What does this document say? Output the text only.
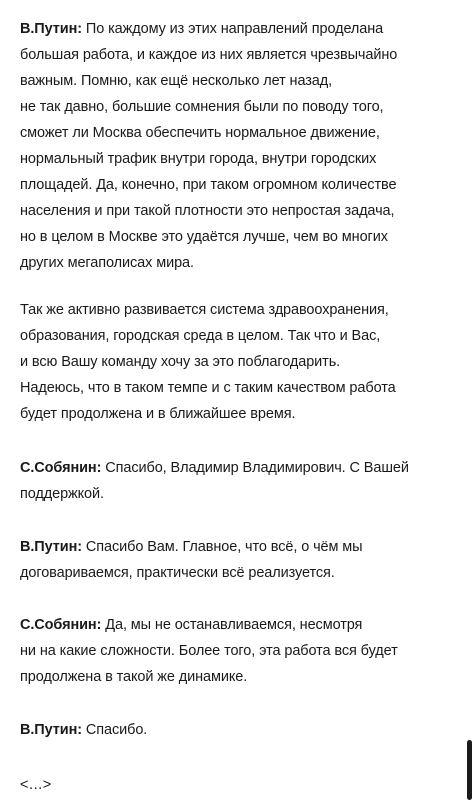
В.Путин: По каждому из этих направлений проделана
большая работа, и каждое из них является чрезвычайно
важным. Помню, как ещё несколько лет назад,
не так давно, большие сомнения были по поводу того,
сможет ли Москва обеспечить нормальное движение,
нормальный трафик внутри города, внутри городских
площадей. Да, конечно, при таком огромном количестве
населения и при такой плотности это непростая задача,
но в целом в Москве это удаётся лучше, чем во многих
других мегаполисах мира.

Так же активно развивается система здравоохранения,
образования, городская среда в целом. Так что и Вас,
и всю Вашу команду хочу за это поблагодарить.
Надеюсь, что в таком темпе и с таким качеством работа
будет продолжена и в ближайшее время.

С.Собянин: Спасибо, Владимир Владимирович. С Вашей
поддержкой.

В.Путин: Спасибо Вам. Главное, что всё, о чём мы
договариваемся, практически всё реализуется.

С.Собянин: Да, мы не останавливаемся, несмотря
ни на какие сложности. Более того, эта работа вся будет
продолжена в такой же динамике.

В.Путин: Спасибо.

<…>
